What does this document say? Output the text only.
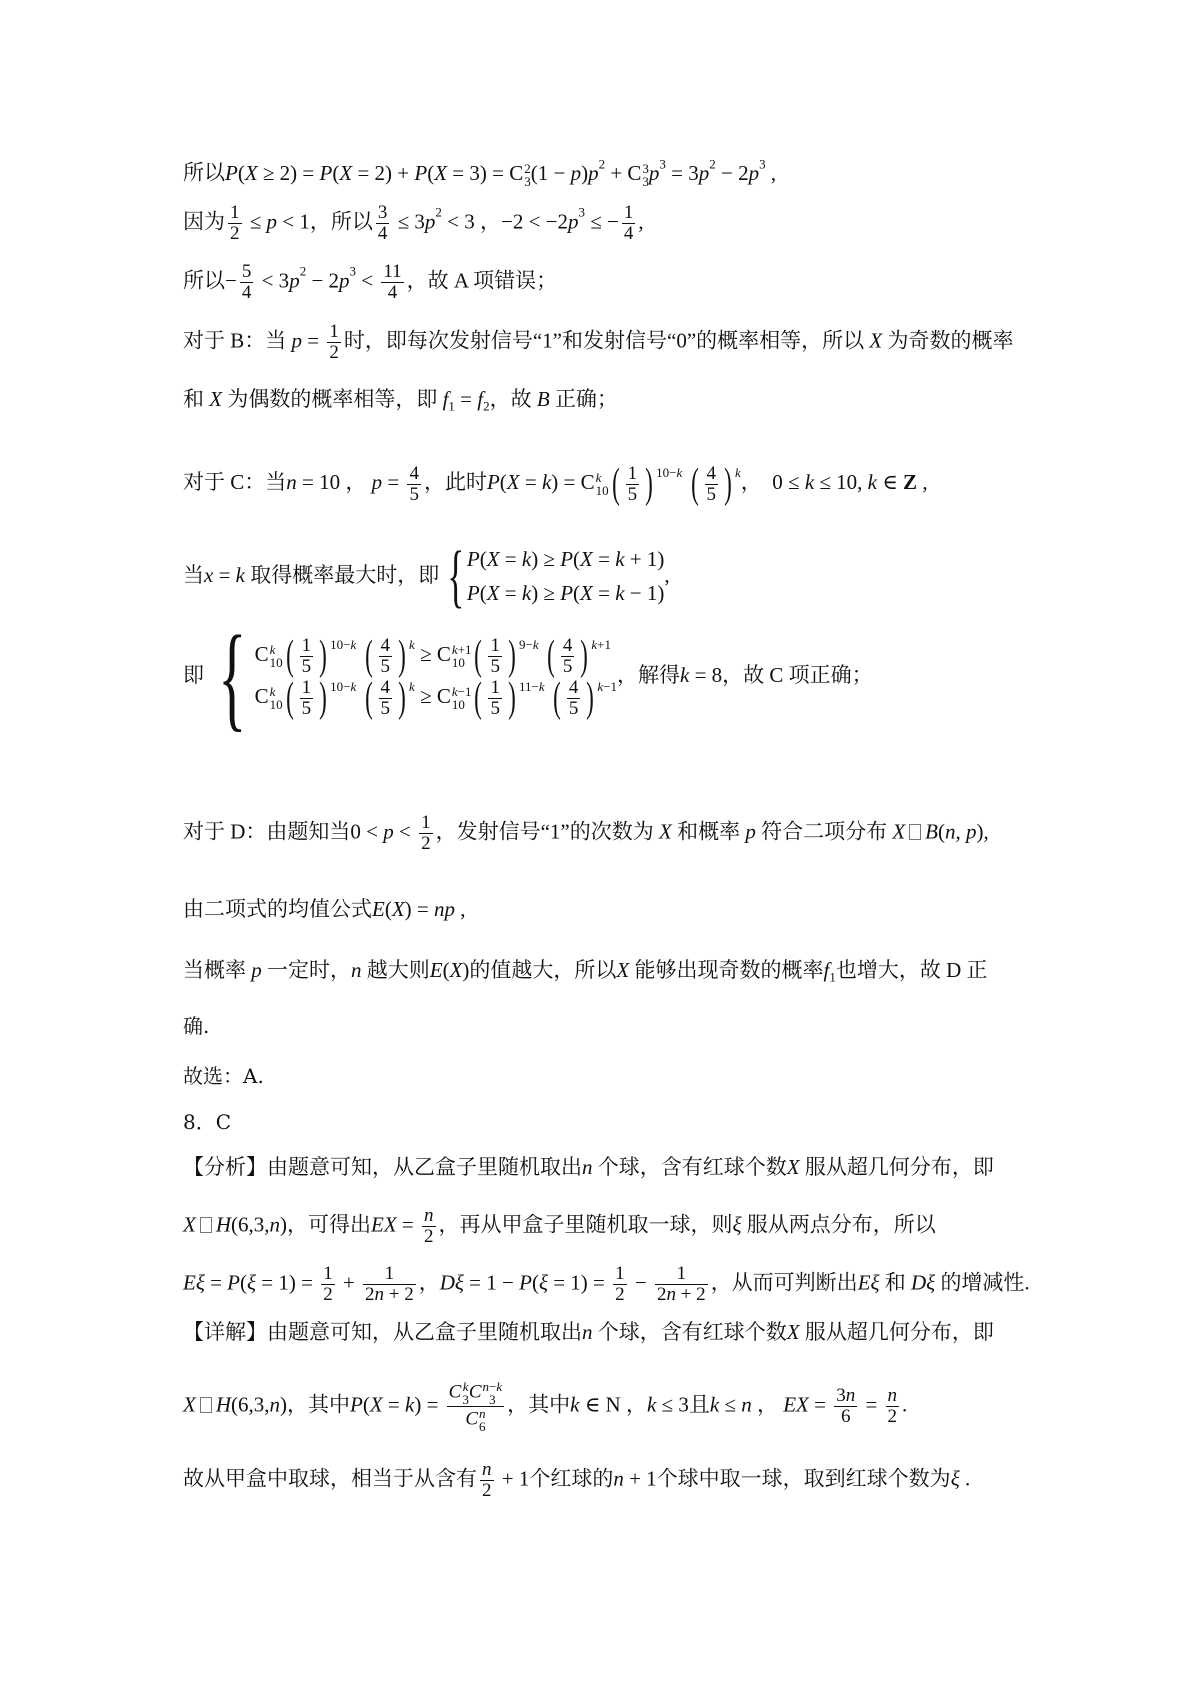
所以P(X ≥ 2) = P(X = 2) + P(X = 3) = C 2
3 $(1 - p)p^2 + C$ 3
3 $p^3 = 3p^2 - 2p^3$ ,
因为 $\frac{1}{2} \le p < 1$，所以 $\frac{3}{4} \le 3p^2 < 3$ ，$-2 < -2p^3$ ≤ − $\frac{1}{4}$ ,
所以− $\frac{5}{4} < 3p^2 - 2p^3 < \frac{11}{4}$ ，故 A 项错误；
对于 B：当 $p = \frac{1}{2}$ 时，即每次发射信号“1”和发射信号“0”的概率相等，所以 X 为奇数的概率
和 X 为偶数的概率相等，即 $f_1 = f_2$，故 B 正确；
对于 C：当n = 10 ， $p = \frac{4}{5}$ ，此时P(X = k) = C k
10 ( $\frac{1}{5}$ ) $^{10-k}$ ( $\frac{4}{5}$ ) $^k$，  0 ≤ k ≤ 10, k ∈ Z ,
当x = k 取得概率最大时，即 { P(X = k) ≥ P(X = k + 1)
P(X = k) ≥ P(X = k − 1)
,
即 { C k
10 ( $\frac{1}{5}$ ) $^{10-k}$ ( $\frac{4}{5}$ ) $^k$ ≥ C k+1
10 ( $\frac{1}{5}$ ) $^{9-k}$ ( $\frac{4}{5}$ ) $^{k+1}$
C k
10 ( $\frac{1}{5}$ ) $^{10-k}$ ( $\frac{4}{5}$ ) $^k$ ≥ C k−1
10 ( $\frac{1}{5}$ ) $^{11-k}$ ( $\frac{4}{5}$ ) $^{k-1}$ ，解得k = 8，故 C 项正确；
对于 D：由题知当$0 < p < \frac{1}{2}$ ，发射信号“1”的次数为 X 和概率 p 符合二项分布 X B(n, p),
由二项式的均值公式E(X) = np ,
当概率 p 一定时，n 越大则E(X)的值越大，所以X 能够出现奇数的概率$f_1$也增大，故 D 正
确.
故选：A.
8．C
【分析】由题意可知，从乙盒子里随机取出n 个球，含有红球个数X 服从超几何分布，即
X H(6,3,n)，可得出EX = $\frac{n}{2}$ ，再从甲盒子里随机取一球，则ξ 服从两点分布，所以
$E\xi = P(\xi = 1) = \frac{1}{2} + \frac{1}{2n + 2}$ ，$D\xi = 1 - P(\xi = 1) = \frac{1}{2} - \frac{1}{2n + 2}$ ，从而可判断出Eξ 和 Dξ 的增减性.
【详解】由题意可知，从乙盒子里随机取出n 个球，含有红球个数X 服从超几何分布，即
X H(6,3,n)，其中P(X = k) = C k
3 C n−k
3
C n
6 ，其中k ∈ N ，k ≤ 3且k ≤ n ， EX = $\frac{3n}{6} = \frac{n}{2}$ .
故从甲盒中取球，相当于从含有 $\frac{n}{2} + 1$个红球的n + 1个球中取一球，取到红球个数为ξ .
